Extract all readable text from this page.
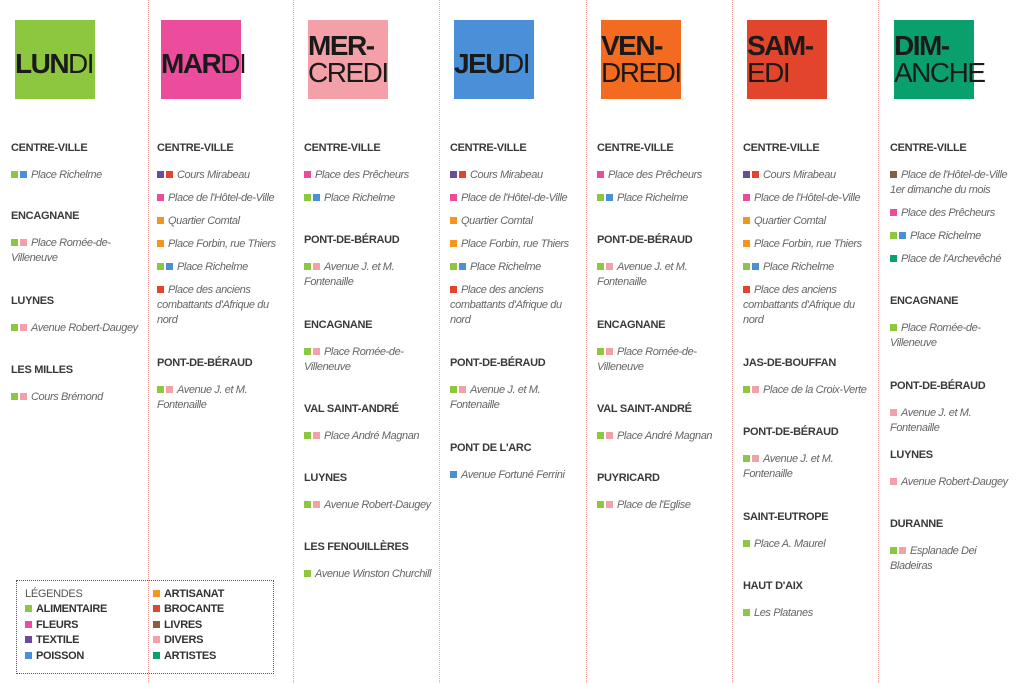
LUNDI
CENTRE-VILLE
Place Richelme
ENCAGNANE
Place Romée-de-Villeneuve
LUYNES
Avenue Robert-Daugey
LES MILLES
Cours Brémond
MARDI
CENTRE-VILLE
Cours Mirabeau
Place de l'Hôtel-de-Ville
Quartier Comtal
Place Forbin, rue Thiers
Place Richelme
Place des anciens combattants d'Afrique du nord
PONT-DE-BÉRAUD
Avenue J. et M. Fontenaille
MER-
CREDI
CENTRE-VILLE
Place des Prêcheurs
Place Richelme
PONT-DE-BÉRAUD
Avenue J. et M. Fontenaille
ENCAGNANE
Place Romée-de-Villeneuve
VAL SAINT-ANDRÉ
Place André Magnan
LUYNES
Avenue Robert-Daugey
LES FENOUILLÈRES
Avenue Winston Churchill
JEUDI
CENTRE-VILLE
Cours Mirabeau
Place de l'Hôtel-de-Ville
Quartier Comtal
Place Forbin, rue Thiers
Place Richelme
Place des anciens combattants d'Afrique du nord
PONT-DE-BÉRAUD
Avenue J. et M. Fontenaille
PONT DE L'ARC
Avenue Fortuné Ferrini
VEN-
DREDI
CENTRE-VILLE
Place des Prêcheurs
Place Richelme
PONT-DE-BÉRAUD
Avenue J. et M. Fontenaille
ENCAGNANE
Place Romée-de-Villeneuve
VAL SAINT-ANDRÉ
Place André Magnan
PUYRICARD
Place de l'Eglise
SAM-
EDI
CENTRE-VILLE
Cours Mirabeau
Place de l'Hôtel-de-Ville
Quartier Comtal
Place Forbin, rue Thiers
Place Richelme
Place des anciens combattants d'Afrique du nord
JAS-DE-BOUFFAN
Place de la Croix-Verte
PONT-DE-BÉRAUD
Avenue J. et M. Fontenaille
SAINT-EUTROPE
Place A. Maurel
HAUT D'AIX
Les Platanes
DIM-
ANCHE
CENTRE-VILLE
Place de l'Hôtel-de-Ville 1er dimanche du mois
Place des Prêcheurs
Place Richelme
Place de l'Archevêché
ENCAGNANE
Place Romée-de-Villeneuve
PONT-DE-BÉRAUD
Avenue J. et M. Fontenaille
LUYNES
Avenue Robert-Daugey
DURANNE
Esplanade Dei Bladeiras
LÉGENDES
ALIMENTAIRE
FLEURS
TEXTILE
POISSON
ARTISANAT
BROCANTE
LIVRES
DIVERS
ARTISTES
